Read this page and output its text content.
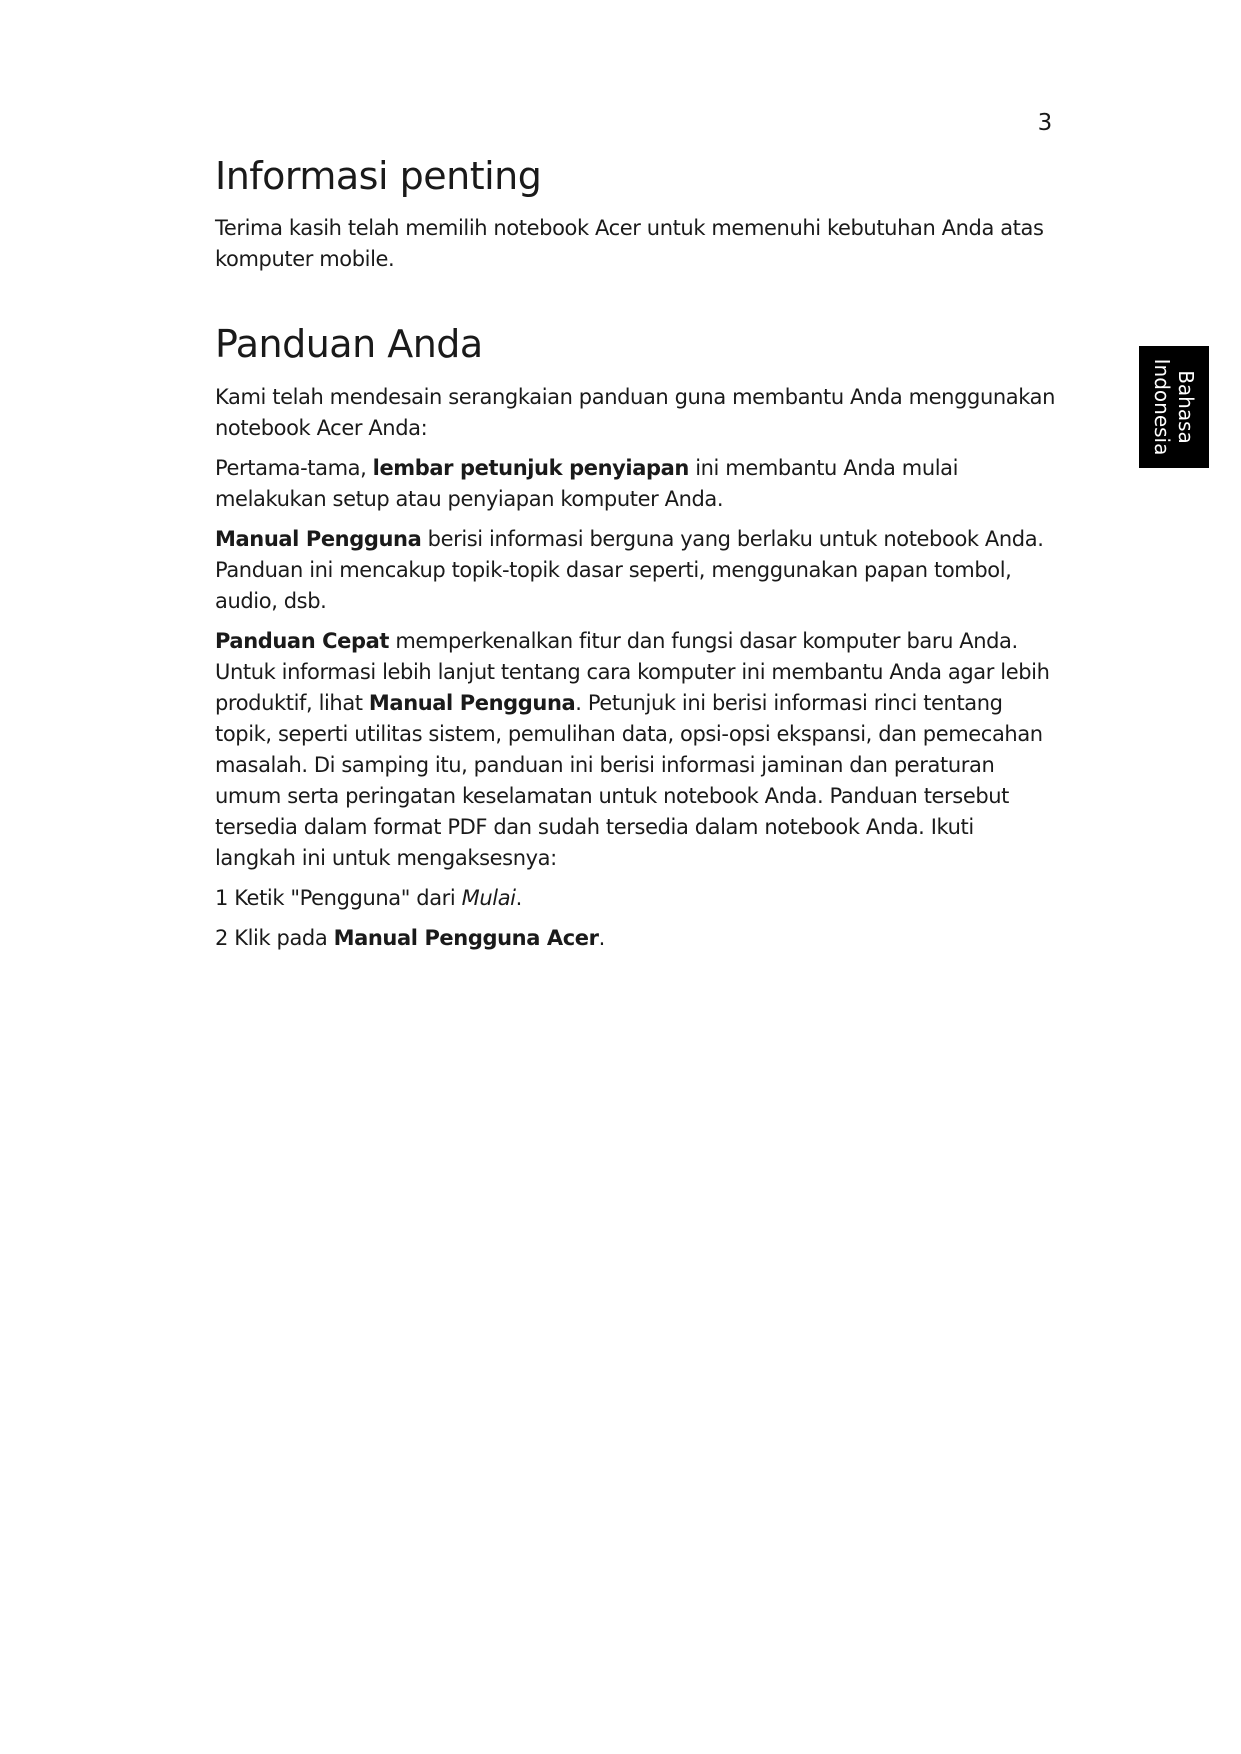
3
Bahasa
Indonesia
Informasi penting

Terima kasih telah memilih notebook Acer untuk memenuhi kebutuhan Anda atas komputer mobile.

Panduan Anda

Kami telah mendesain serangkaian panduan guna membantu Anda menggunakan notebook Acer Anda:

Pertama-tama, lembar petunjuk penyiapan ini membantu Anda mulai melakukan setup atau penyiapan komputer Anda.

Manual Pengguna berisi informasi berguna yang berlaku untuk notebook Anda. Panduan ini mencakup topik-topik dasar seperti, menggunakan papan tombol, audio, dsb.

Panduan Cepat memperkenalkan fitur dan fungsi dasar komputer baru Anda. Untuk informasi lebih lanjut tentang cara komputer ini membantu Anda agar lebih produktif, lihat Manual Pengguna. Petunjuk ini berisi informasi rinci tentang topik, seperti utilitas sistem, pemulihan data, opsi-opsi ekspansi, dan pemecahan masalah. Di samping itu, panduan ini berisi informasi jaminan dan peraturan umum serta peringatan keselamatan untuk notebook Anda. Panduan tersebut tersedia dalam format PDF dan sudah tersedia dalam notebook Anda. Ikuti langkah ini untuk mengaksesnya:

1 Ketik "Pengguna" dari Mulai.

2 Klik pada Manual Pengguna Acer.
